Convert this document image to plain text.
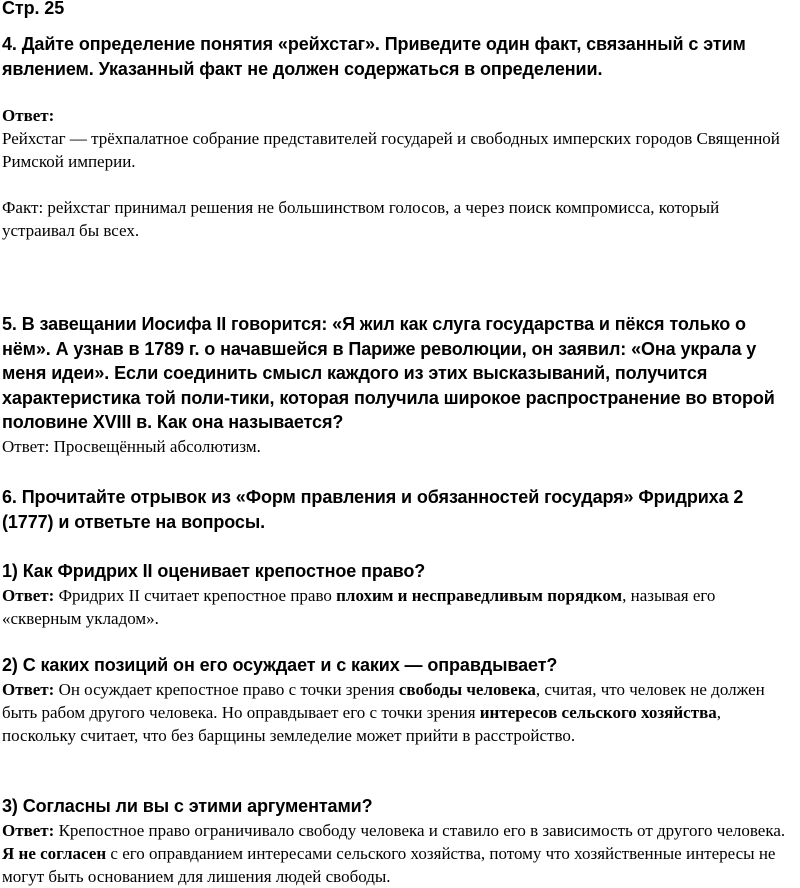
Стр. 25

4. Дайте определение понятия «рейхстаг». Приведите один факт, связанный с этим явлением. Указанный факт не должен содержаться в определении.

Ответ:

Рейхстаг — трёхпалатное собрание представителей государей и свободных имперских городов Священной Римской империи.

Факт: рейхстаг принимал решения не большинством голосов, а через поиск компромисса, который устраивал бы всех.

5. В завещании Иосифа II говорится: «Я жил как слуга государства и пёкся только о нём». А узнав в 1789 г. о начавшейся в Париже революции, он заявил: «Она украла у меня идеи». Если соединить смысл каждого из этих высказываний, получится характеристика той поли-тики, которая получила широкое распространение во второй половине XVIII в. Как она называется?

Ответ: Просвещённый абсолютизм.

6. Прочитайте отрывок из «Форм правления и обязанностей государя» Фридриха 2 (1777) и ответьте на вопросы.

1) Как Фридрих II оценивает крепостное право?

Ответ: Фридрих II считает крепостное право плохим и несправедливым порядком, называя его «скверным укладом».

2) С каких позиций он его осуждает и с каких — оправдывает?

Ответ: Он осуждает крепостное право с точки зрения свободы человека, считая, что человек не должен быть рабом другого человека. Но оправдывает его с точки зрения интересов сельского хозяйства, поскольку считает, что без барщины земледелие может прийти в расстройство.

3) Согласны ли вы с этими аргументами?

Ответ: Крепостное право ограничивало свободу человека и ставило его в зависимость от другого человека. Я не согласен с его оправданием интересами сельского хозяйства, потому что хозяйственные интересы не могут быть основанием для лишения людей свободы.
